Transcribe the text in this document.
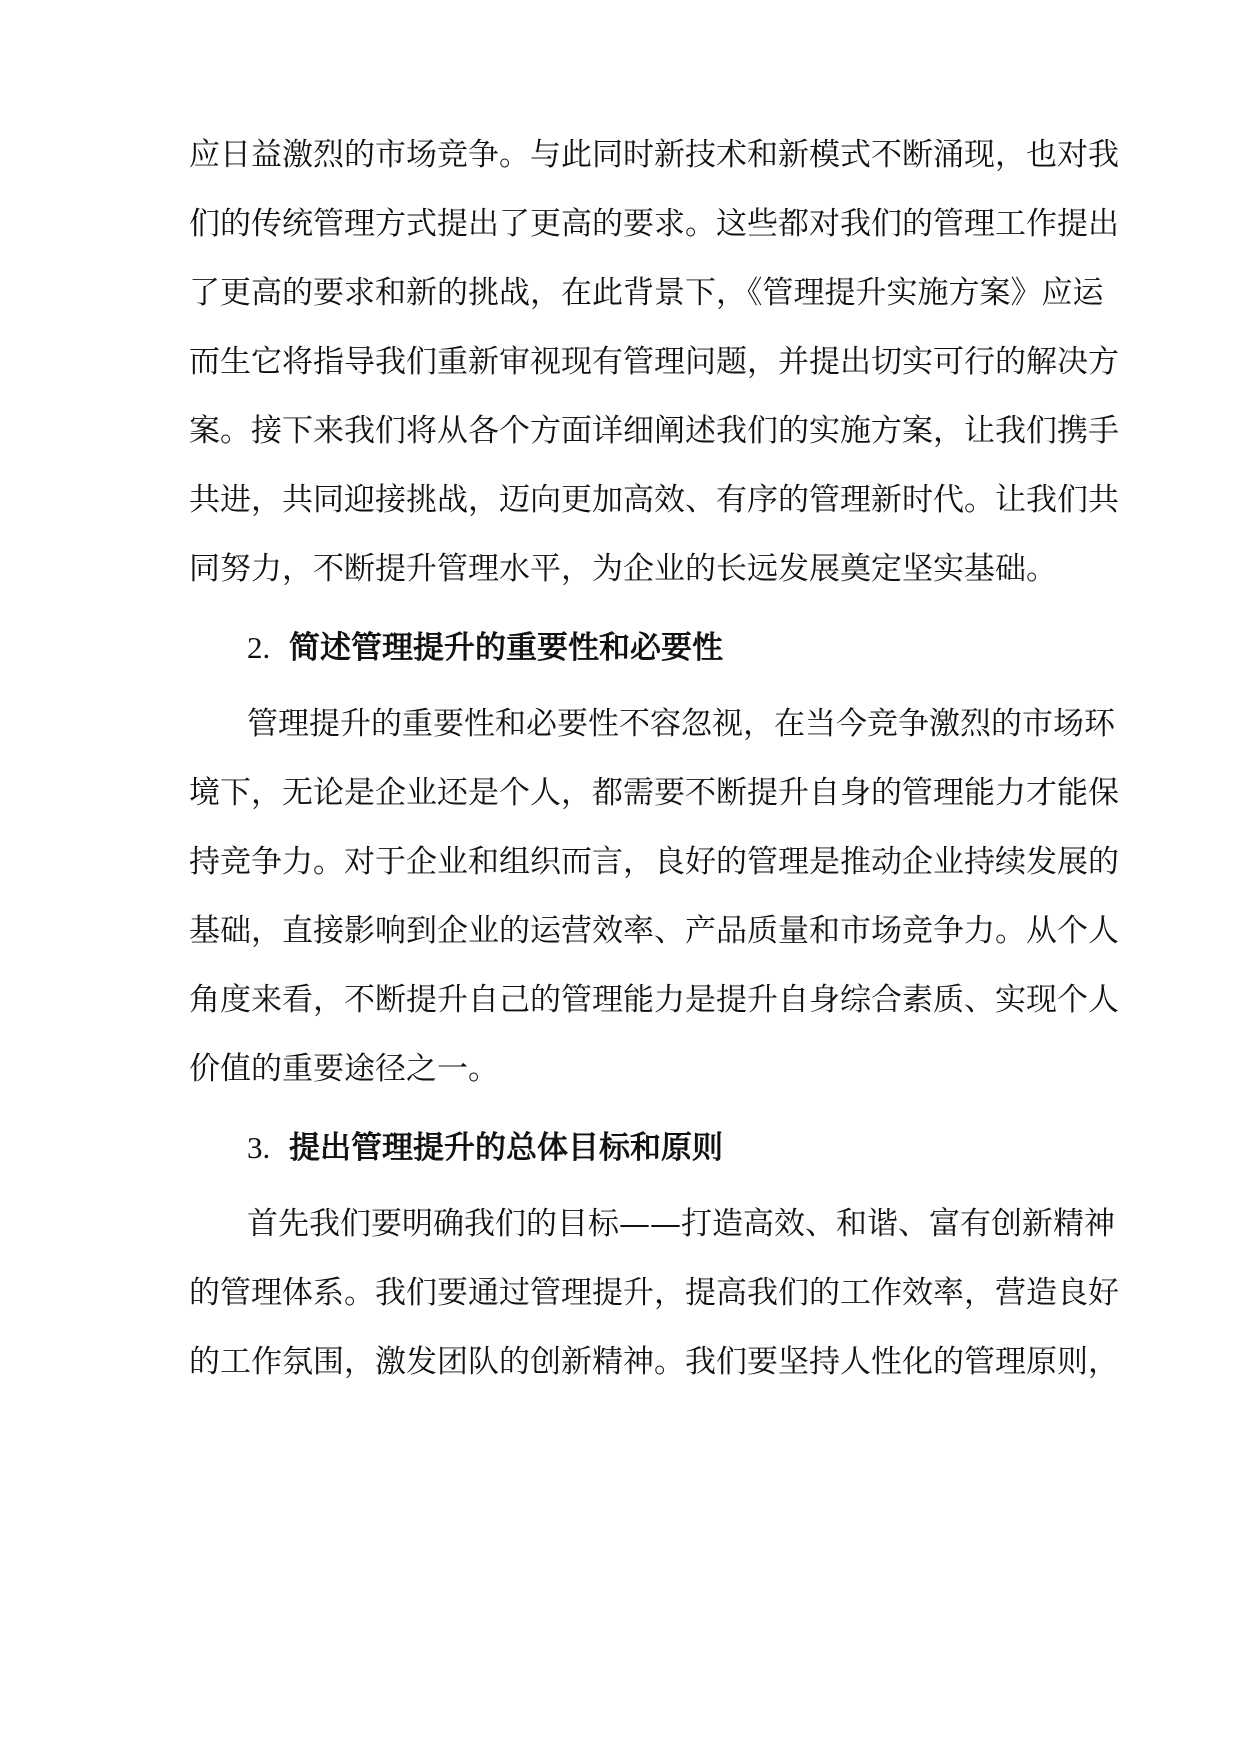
应日益激烈的市场竞争。与此同时新技术和新模式不断涌现，也对我
们的传统管理方式提出了更高的要求。这些都对我们的管理工作提出
了更高的要求和新的挑战，在此背景下，《管理提升实施方案》应运
而生它将指导我们重新审视现有管理问题，并提出切实可行的解决方
案。接下来我们将从各个方面详细阐述我们的实施方案，让我们携手
共进，共同迎接挑战，迈向更加高效、有序的管理新时代。让我们共
同努力，不断提升管理水平，为企业的长远发展奠定坚实基础。
2. 简述管理提升的重要性和必要性
管理提升的重要性和必要性不容忽视，在当今竞争激烈的市场环
境下，无论是企业还是个人，都需要不断提升自身的管理能力才能保
持竞争力。对于企业和组织而言，良好的管理是推动企业持续发展的
基础，直接影响到企业的运营效率、产品质量和市场竞争力。从个人
角度来看，不断提升自己的管理能力是提升自身综合素质、实现个人
价值的重要途径之一。
3. 提出管理提升的总体目标和原则
首先我们要明确我们的目标——打造高效、和谐、富有创新精神
的管理体系。我们要通过管理提升，提高我们的工作效率，营造良好
的工作氛围，激发团队的创新精神。我们要坚持人性化的管理原则，
